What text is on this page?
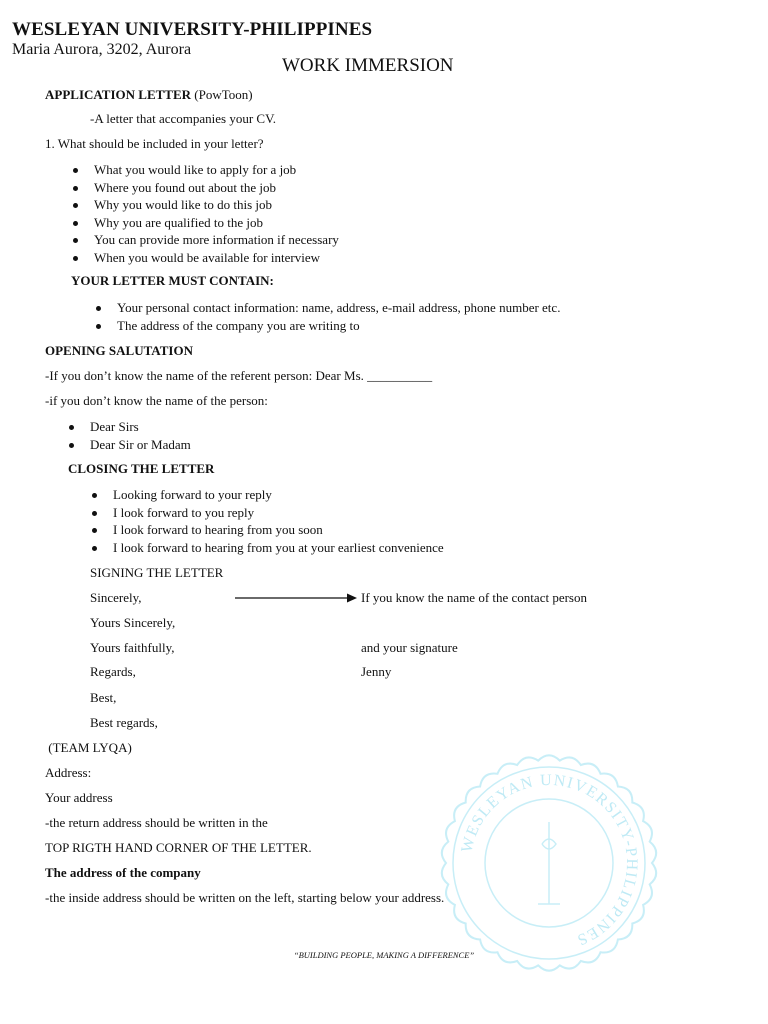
WESLEYAN UNIVERSITY-PHILIPPINES
Maria Aurora, 3202, Aurora
WORK IMMERSION
APPLICATION LETTER (PowToon)
-A letter that accompanies your CV.
1. What should be included in your letter?
What you would like to apply for a job
Where you found out about the job
Why you would like to do this job
Why you are qualified to the job
You can provide more information if necessary
When you would be available for interview
YOUR LETTER MUST CONTAIN:
Your personal contact information: name, address, e-mail address, phone number etc.
The address of the company you are writing to
OPENING SALUTATION
-If you don’t know the name of the referent person: Dear Ms. __________
-if you don’t know the name of the person:
Dear Sirs
Dear Sir or Madam
CLOSING THE LETTER
Looking forward to your reply
I look forward to you reply
I look forward to hearing from you soon
I look forward to hearing from you at your earliest convenience
SIGNING THE LETTER
Sincerely,
Yours Sincerely,
Yours faithfully,
Regards,
Best,
Best regards,
If you know the name of the contact person
and your signature
Jenny
(TEAM LYQA)
Address:
Your address
-the return address should be written in the
TOP RIGTH HAND CORNER OF THE LETTER.
The address of the company
-the inside address should be written on the left, starting below your address.
WESLEYAN UNIVERSITY-PHILIPPINES
“BUILDING PEOPLE, MAKING A DIFFERENCE”
